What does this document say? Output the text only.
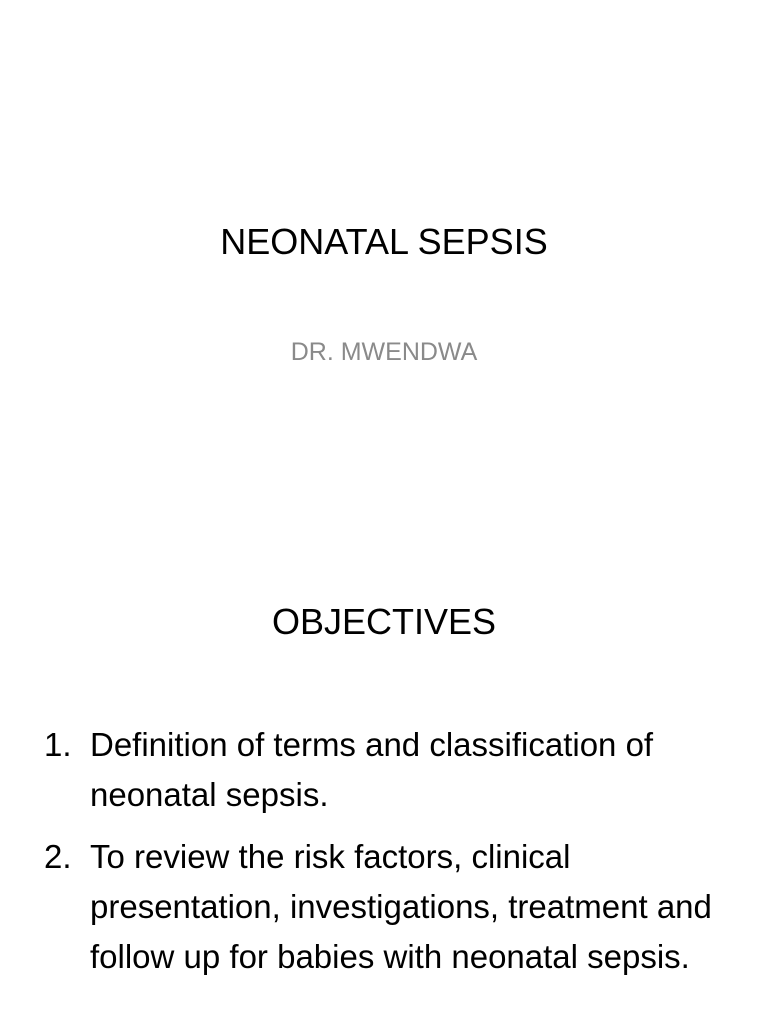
NEONATAL SEPSIS
DR. MWENDWA
OBJECTIVES
1. Definition of terms and classification of neonatal sepsis.
2. To review the risk factors, clinical presentation, investigations, treatment and follow up for babies with neonatal sepsis.
